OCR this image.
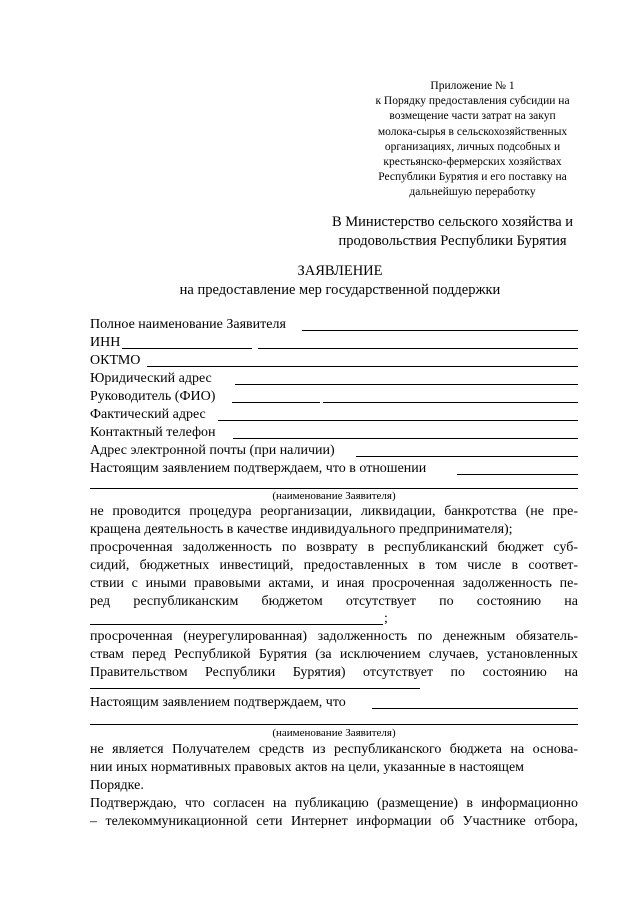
Приложение № 1
к Порядку предоставления субсидии на
возмещение части затрат на закуп
молока-сырья в сельскохозяйственных
организациях, личных подсобных и
крестьянско-фермерских хозяйствах
Республики Бурятия и его поставку на
дальнейшую переработку
В Министерство сельского хозяйства и
продовольствия Республики Бурятия
ЗАЯВЛЕНИЕ
на предоставление мер государственной поддержки
Полное наименование Заявителя
ИНН
ОКТМО
Юридический адрес
Руководитель (ФИО)
Фактический адрес
Контактный телефон
Адрес электронной почты (при наличии)
Настоящим заявлением подтверждаем, что в отношении
(наименование Заявителя)
не проводится процедура реорганизации, ликвидации, банкротства (не пре-
кращена деятельность в качестве индивидуального предпринимателя);
просроченная задолженность по возврату в республиканский бюджет суб-
сидий, бюджетных инвестиций, предоставленных в том числе в соответ-
ствии с иными правовыми актами, и иная просроченная задолженность пе-
ред республиканским бюджетом отсутствует по состоянию на
;
просроченная (неурегулированная) задолженность по денежным обязатель-
ствам перед Республикой Бурятия (за исключением случаев, установленных
Правительством Республики Бурятия) отсутствует по состоянию на
Настоящим заявлением подтверждаем, что
(наименование Заявителя)
не является Получателем средств из республиканского бюджета на основа-
нии иных нормативных правовых актов на цели, указанные в настоящем
Порядке.
Подтверждаю, что согласен на публикацию (размещение) в информационно
– телекоммуникационной сети Интернет информации об Участнике отбора,
